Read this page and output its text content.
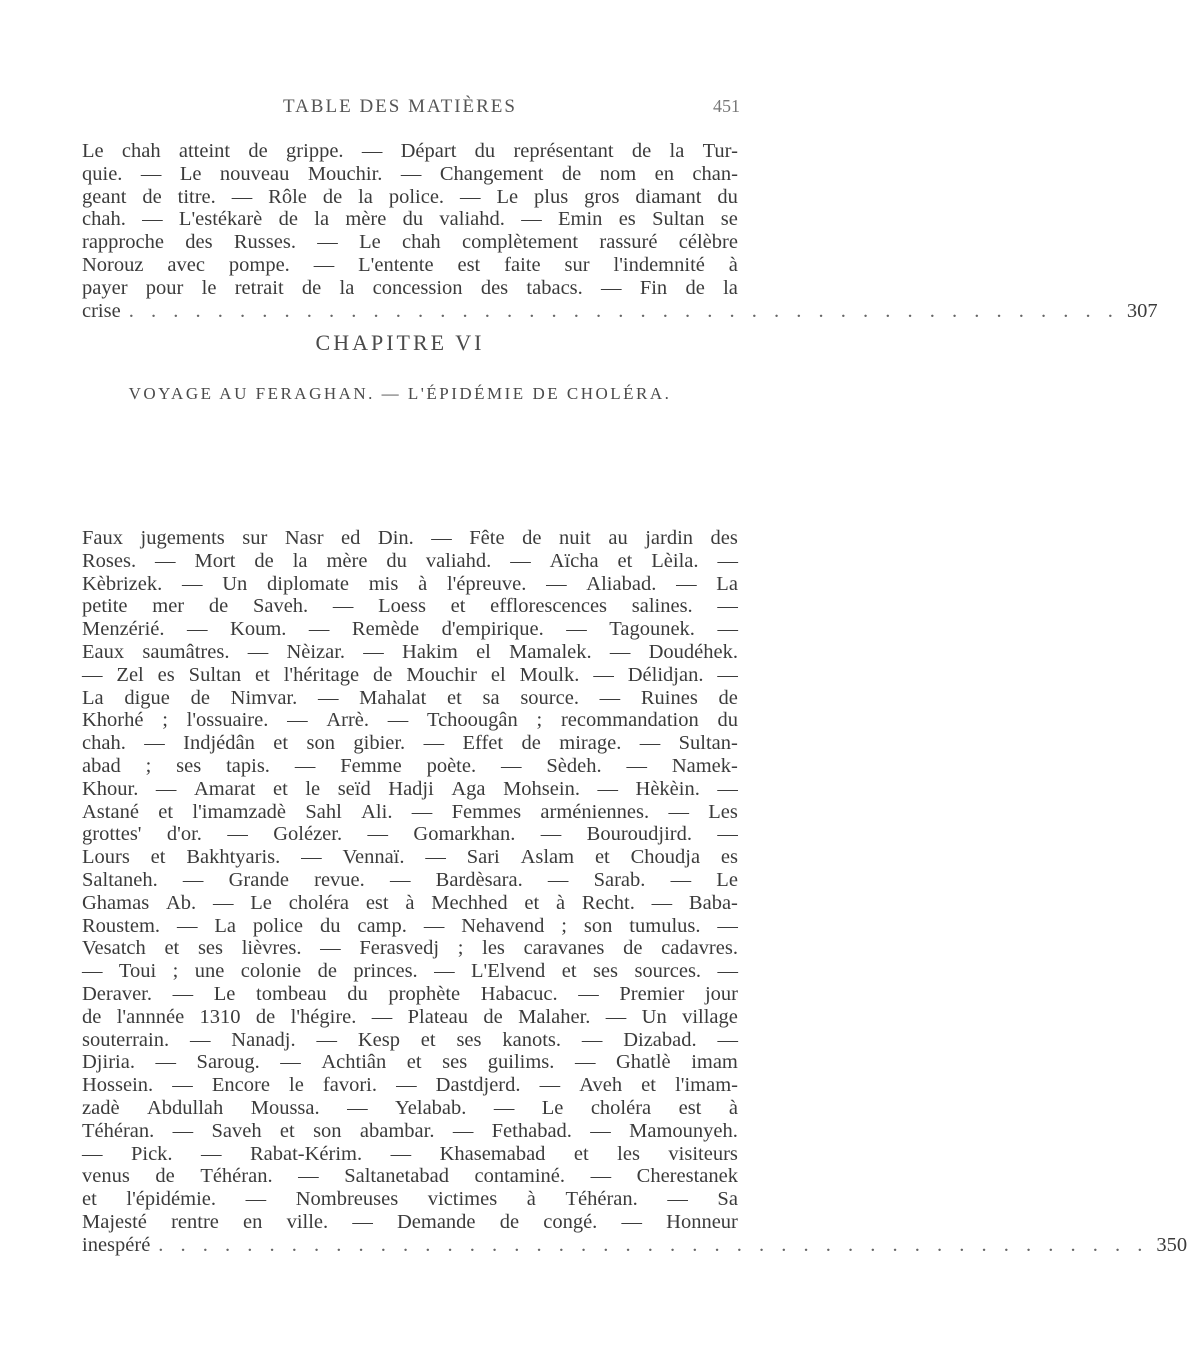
TABLE DES MATIÈRES	451
Le chah atteint de grippe. — Départ du représentant de la Tur-
quie. — Le nouveau Mouchir. — Changement de nom en chan-
geant de titre. — Rôle de la police. — Le plus gros diamant du
chah. — L'estékarè de la mère du valiahd. — Emin es Sultan se
rapproche des Russes. — Le chah complètement rassuré célèbre
Norouz avec pompe. — L'entente est faite sur l'indemnité à
payer pour le retrait de la concession des tabacs. — Fin de la
crise . . . . . . . . . . . . . . . . . . . . . . . . . . . . . . . . . . . . . . . . . . . . . 307
CHAPITRE VI
VOYAGE AU FERAGHAN. — L'ÉPIDÉMIE DE CHOLÉRA.
Faux jugements sur Nasr ed Din. — Fête de nuit au jardin des
Roses. — Mort de la mère du valiahd. — Aïcha et Lèila. —
Kèbrizek. — Un diplomate mis à l'épreuve. — Aliabad. — La
petite mer de Saveh. — Loess et efflorescences salines. —
Menzérié. — Koum. — Remède d'empirique. — Tagounek. —
Eaux saumâtres. — Nèizar. — Hakim el Mamalek. — Doudéhek.
— Zel es Sultan et l'héritage de Mouchir el Moulk. — Délidjan. —
La digue de Nimvar. — Mahalat et sa source. — Ruines de
Khorhé ; l'ossuaire. — Arrè. — Tchoougân ; recommandation du
chah. — Indjédân et son gibier. — Effet de mirage. — Sultan-
abad ; ses tapis. — Femme poète. — Sèdeh. — Namek-
Khour. — Amarat et le seïd Hadji Aga Mohsein. — Hèkèin. —
Astané et l'imamzadè Sahl Ali. — Femmes arméniennes. — Les
grottes' d'or. — Golézer. — Gomarkhan. — Bouroudjird. —
Lours et Bakhtyaris. — Vennaï. — Sari Aslam et Choudja es
Saltaneh. — Grande revue. — Bardèsara. — Sarab. — Le
Ghamas Ab. — Le choléra est à Mechhed et à Recht. — Baba-
Roustem. — La police du camp. — Nehavend ; son tumulus. —
Vesatch et ses lièvres. — Ferasvedj ; les caravanes de cadavres.
— Toui ; une colonie de princes. — L'Elvend et ses sources. —
Deraver. — Le tombeau du prophète Habacuc. — Premier jour
de l'annnée 1310 de l'hégire. — Plateau de Malaher. — Un village
souterrain. — Nanadj. — Kesp et ses kanots. — Dizabad. —
Djiria. — Saroug. — Achtiân et ses guilims. — Ghatlè imam
Hossein. — Encore le favori. — Dastdjerd. — Aveh et l'imam-
zadè Abdullah Moussa. — Yelabab. — Le choléra est à
Téhéran. — Saveh et son abambar. — Fethabad. — Mamounyeh.
— Pick. — Rabat-Kérim. — Khasemabad et les visiteurs
venus de Téhéran. — Saltanetabad contaminé. — Cherestanek
et l'épidémie. — Nombreuses victimes à Téhéran. — Sa
Majesté rentre en ville. — Demande de congé. — Honneur
inespéré . . . . . . . . . . . . . . . . . . . . . . . . . . . . . . . . . . . . . . . . . . . . . 350
